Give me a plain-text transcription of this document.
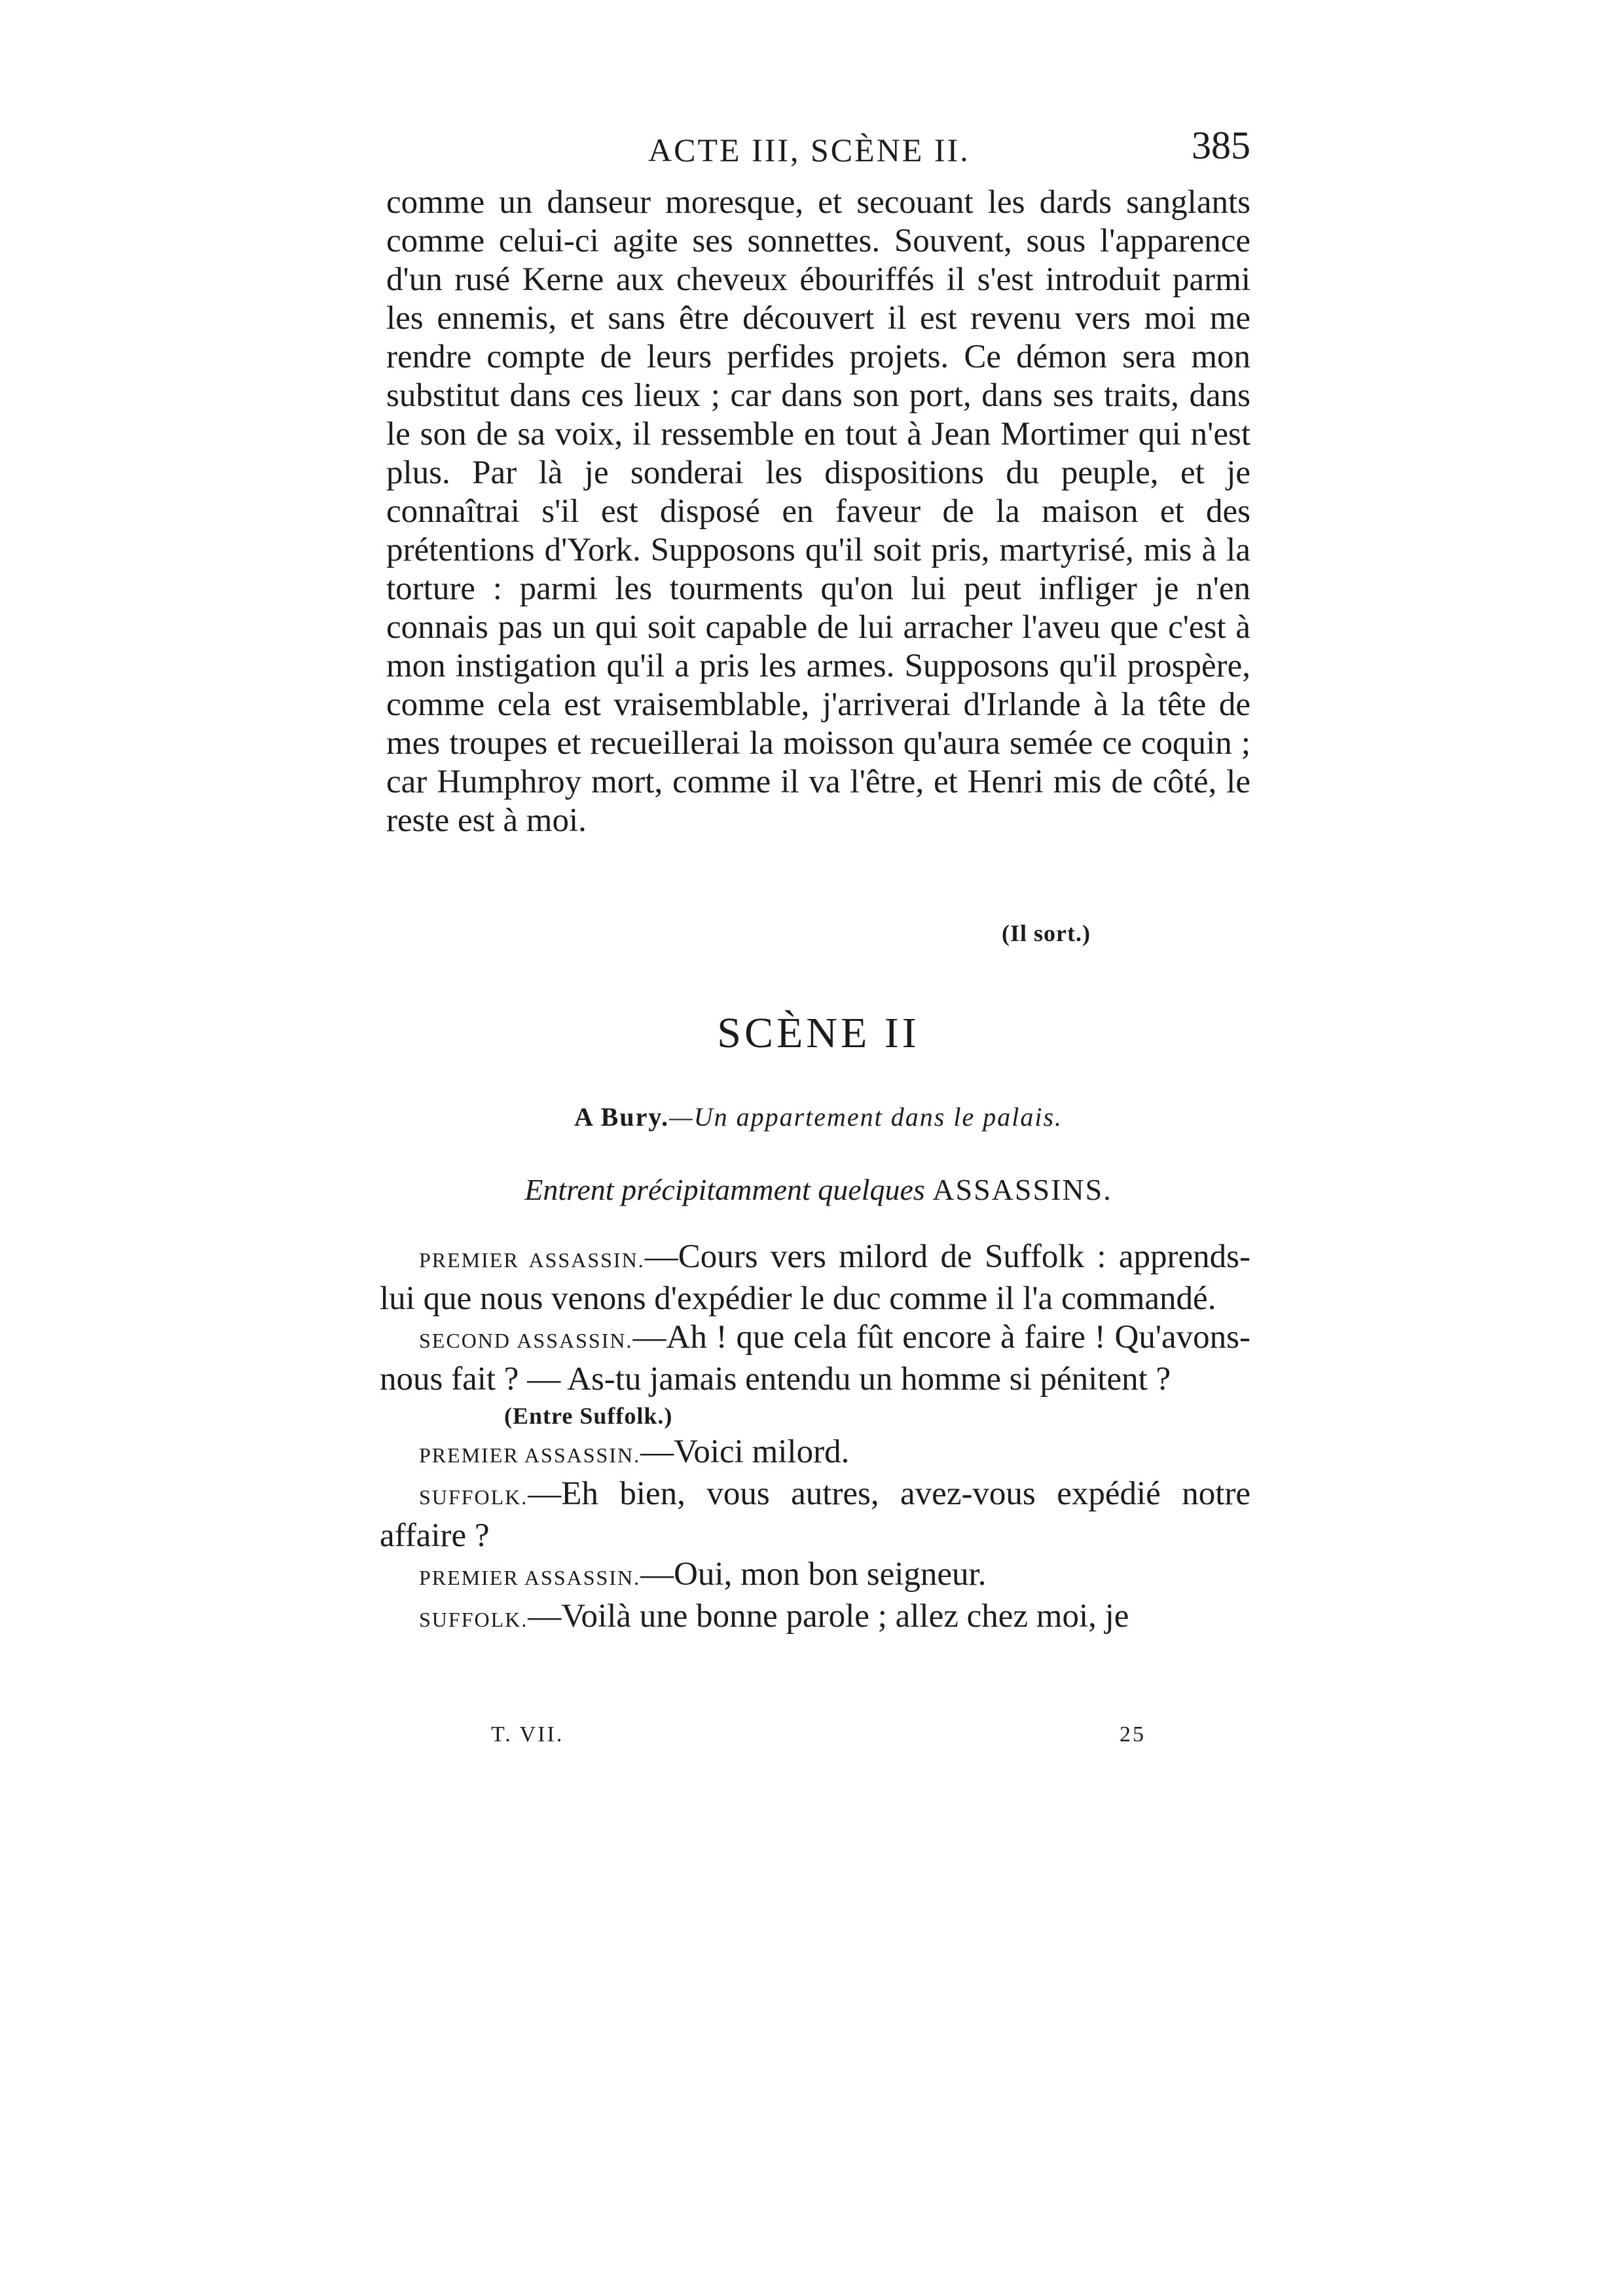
ACTE III, SCÈNE II.	385

comme un danseur moresque, et secouant les dards sanglants comme celui-ci agite ses sonnettes. Souvent, sous l'apparence d'un rusé Kerne aux cheveux ébouriffés il s'est introduit parmi les ennemis, et sans être découvert il est revenu vers moi me rendre compte de leurs perfides projets. Ce démon sera mon substitut dans ces lieux ; car dans son port, dans ses traits, dans le son de sa voix, il ressemble en tout à Jean Mortimer qui n'est plus. Par là je sonderai les dispositions du peuple, et je connaîtrai s'il est disposé en faveur de la maison et des prétentions d'York. Supposons qu'il soit pris, martyrisé, mis à la torture : parmi les tourments qu'on lui peut infliger je n'en connais pas un qui soit capable de lui arracher l'aveu que c'est à mon instigation qu'il a pris les armes. Supposons qu'il prospère, comme cela est vraisemblable, j'arriverai d'Irlande à la tête de mes troupes et recueillerai la moisson qu'aura semée ce coquin ; car Humphroy mort, comme il va l'être, et Henri mis de côté, le reste est à moi.

(Il sort.)
SCÈNE II
A Bury.—Un appartement dans le palais.
Entrent précipitamment quelques ASSASSINS.

PREMIER ASSASSIN.—Cours vers milord de Suffolk : apprends-lui que nous venons d'expédier le duc comme il l'a commandé.

SECOND ASSASSIN.—Ah ! que cela fût encore à faire ! Qu'avons-nous fait ? — As-tu jamais entendu un homme si pénitent ?

(Entre Suffolk.)

PREMIER ASSASSIN.—Voici milord.

SUFFOLK.—Eh bien, vous autres, avez-vous expédié notre affaire ?

PREMIER ASSASSIN.—Oui, mon bon seigneur.

SUFFOLK.—Voilà une bonne parole ; allez chez moi, je

T. VII.	25
